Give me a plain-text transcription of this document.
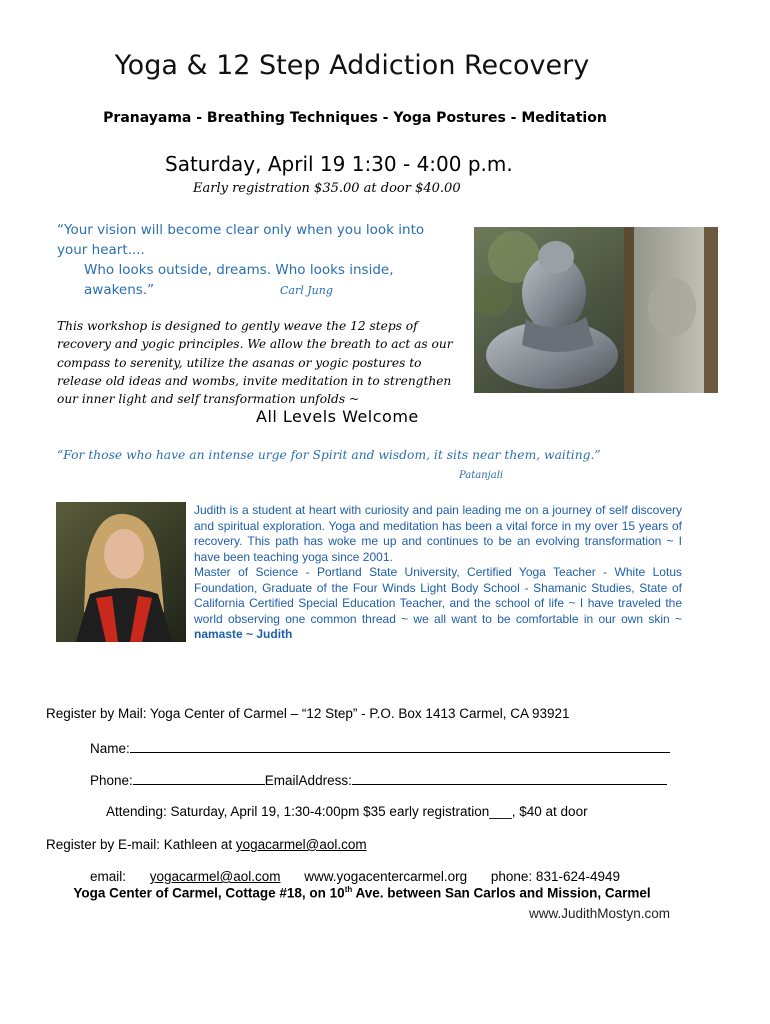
Yoga & 12 Step Addiction Recovery
Pranayama - Breathing Techniques - Yoga Postures - Meditation
Saturday, April 19 1:30 - 4:00 p.m.
Early registration $35.00 at door $40.00
“Your vision will become clear only when you look into your heart....
Who looks outside, dreams. Who looks inside, awakens.”	Carl Jung
This workshop is designed to gently weave the 12 steps of recovery and yogic principles. We allow the breath to act as our compass to serenity, utilize the asanas or yogic postures to release old ideas and wombs, invite meditation in to strengthen our inner light and self transformation unfolds ~
All Levels Welcome
“For those who have an intense urge for Spirit and wisdom, it sits near them, waiting.”
Patanjali

Judith is a student at heart with curiosity and pain leading me on a journey of self discovery and spiritual exploration. Yoga and meditation has been a vital force in my over 15 years of recovery. This path has woke me up and continues to be an evolving transformation ~ I have been teaching yoga since 2001.

Master of Science - Portland State University, Certified Yoga Teacher - White Lotus Foundation, Graduate of the Four Winds Light Body School - Shamanic Studies, State of California Certified Special Education Teacher, and the school of life ~ I have traveled the world observing one common thread ~ we all want to be comfortable in our own skin ~ namaste ~ Judith

Register by Mail: Yoga Center of Carmel – “12 Step” - P.O. Box 1413 Carmel, CA 93921
Name:
Phone:	EmailAddress:
Attending: Saturday, April 19, 1:30-4:00pm $35 early registration___, $40 at door
Register by E-mail: Kathleen at yogacarmel@aol.com
email: yogacarmel@aol.com www.yogacentercarmel.org phone: 831-624-4949
Yoga Center of Carmel, Cottage #18, on 10th Ave. between San Carlos and Mission, Carmel
www.JudithMostyn.com
